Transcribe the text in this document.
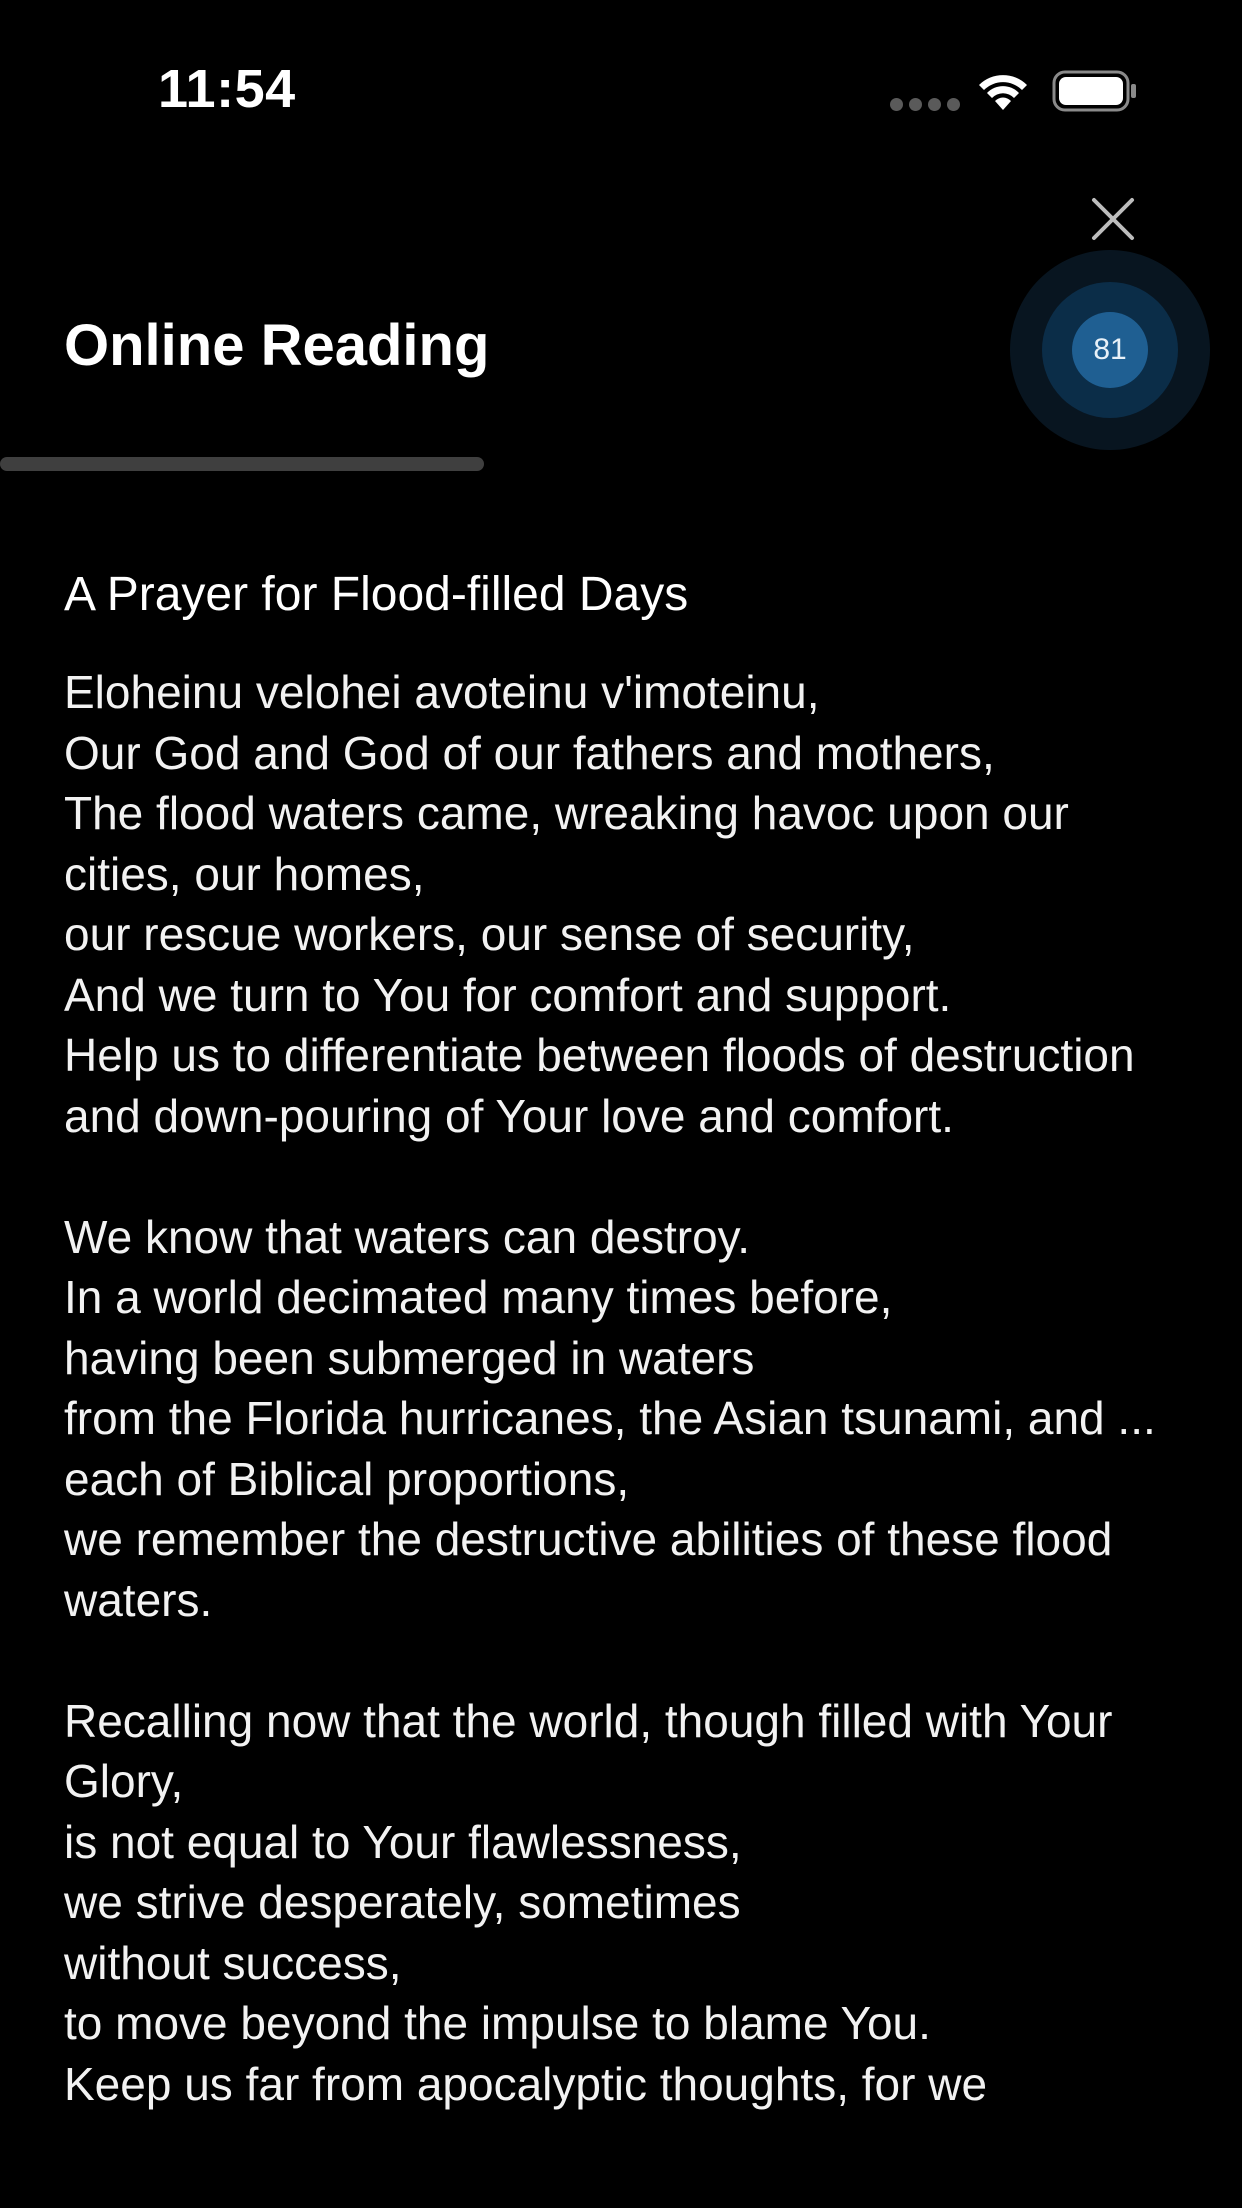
11:54
Online Reading	81
A Prayer for Flood-filled Days

Eloheinu velohei avoteinu v'imoteinu,
Our God and God of our fathers and mothers,
The flood waters came, wreaking havoc upon our cities, our homes,
our rescue workers, our sense of security,
And we turn to You for comfort and support.
Help us to differentiate between floods of destruction
and down-pouring of Your love and comfort.

We know that waters can destroy.
In a world decimated many times before,
having been submerged in waters
from the Florida hurricanes, the Asian tsunami, and ...
each of Biblical proportions,
we remember the destructive abilities of these flood waters.

Recalling now that the world, though filled with Your Glory,
is not equal to Your flawlessness,
we strive desperately, sometimes
without success,
to move beyond the impulse to blame You.
Keep us far from apocalyptic thoughts, for we
